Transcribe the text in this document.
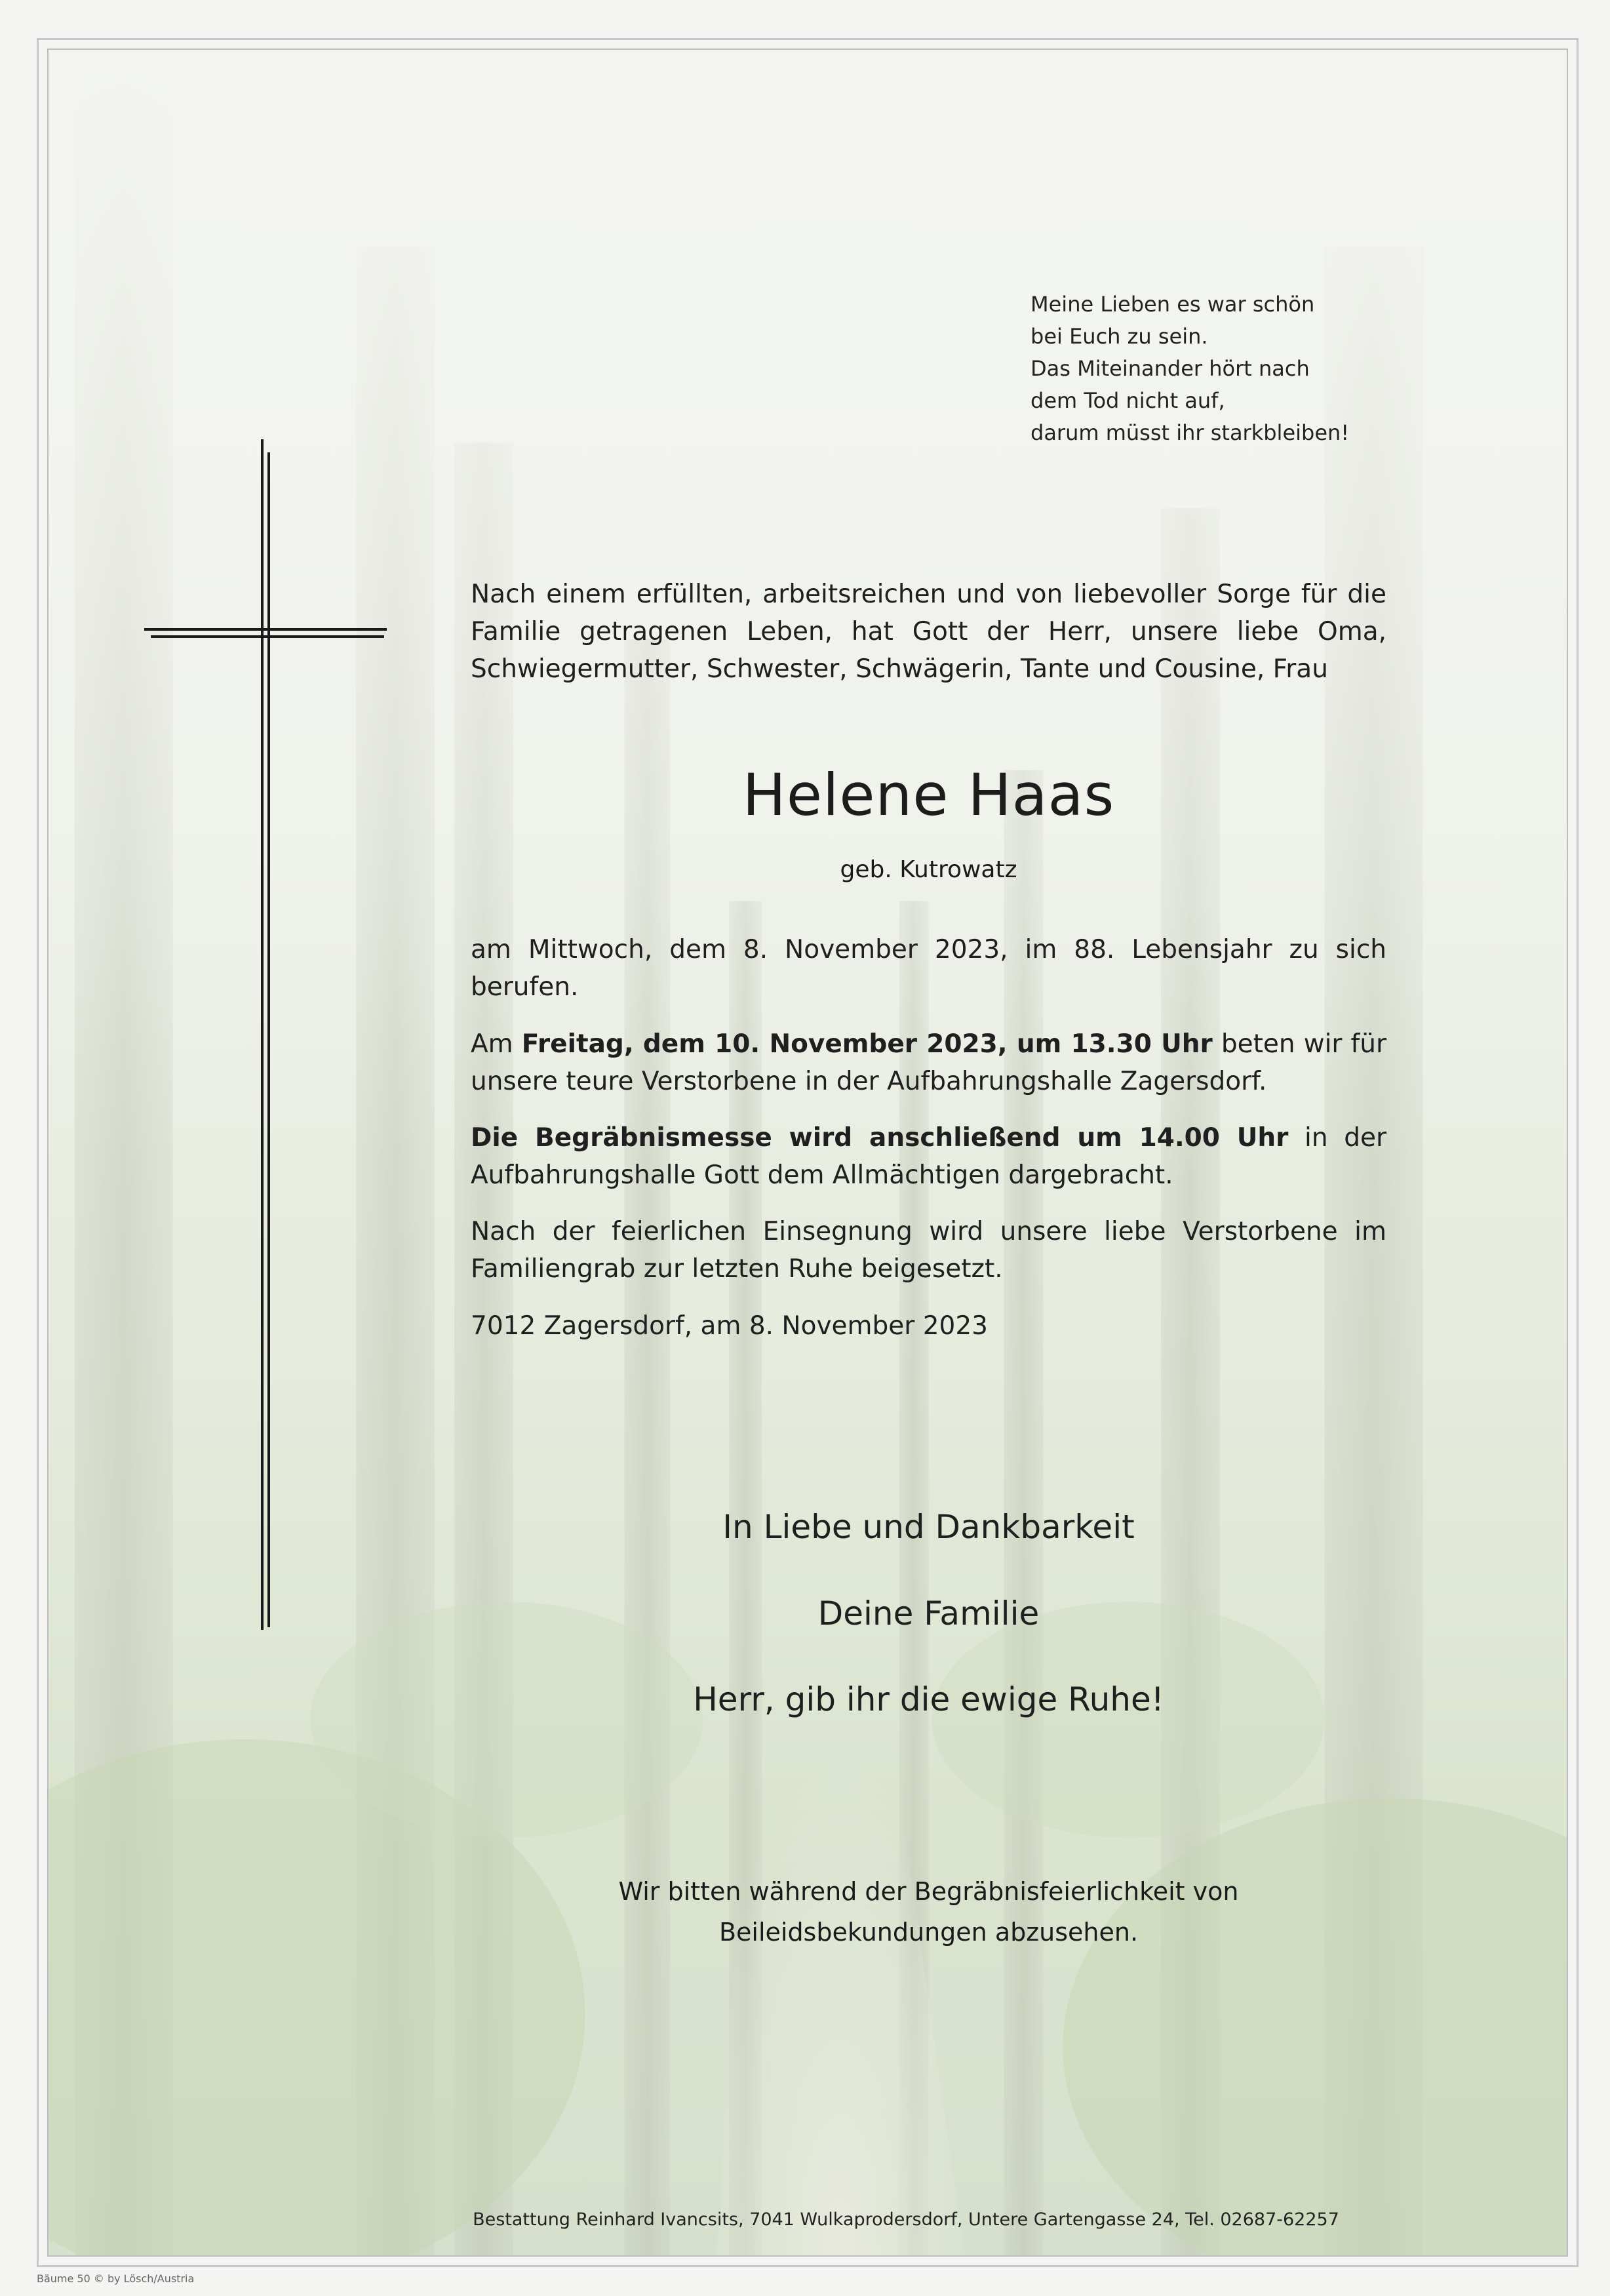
Meine Lieben es war schön
bei Euch zu sein.
Das Miteinander hört nach
dem Tod nicht auf,
darum müsst ihr starkbleiben!

Nach einem erfüllten, arbeitsreichen und von liebevoller Sorge für die Familie getragenen Leben, hat Gott der Herr, unsere liebe Oma, Schwiegermutter, Schwester, Schwägerin, Tante und Cousine, Frau

Helene Haas
geb. Kutrowatz

am Mittwoch, dem 8. November 2023, im 88. Lebensjahr zu sich berufen.

Am Freitag, dem 10. November 2023, um 13.30 Uhr beten wir für unsere teure Verstorbene in der Aufbahrungshalle Zagersdorf.

Die Begräbnismesse wird anschließend um 14.00 Uhr in der Aufbahrungshalle Gott dem Allmächtigen dargebracht.

Nach der feierlichen Einsegnung wird unsere liebe Verstorbene im Familiengrab zur letzten Ruhe beigesetzt.

7012 Zagersdorf, am 8. November 2023

In Liebe und Dankbarkeit
Deine Familie
Herr, gib ihr die ewige Ruhe!
Wir bitten während der Begräbnisfeierlichkeit von
Beileidsbekundungen abzusehen.
Bestattung Reinhard Ivancsits, 7041 Wulkaprodersdorf, Untere Gartengasse 24, Tel. 02687-62257
Bäume 50 © by Lösch/Austria
